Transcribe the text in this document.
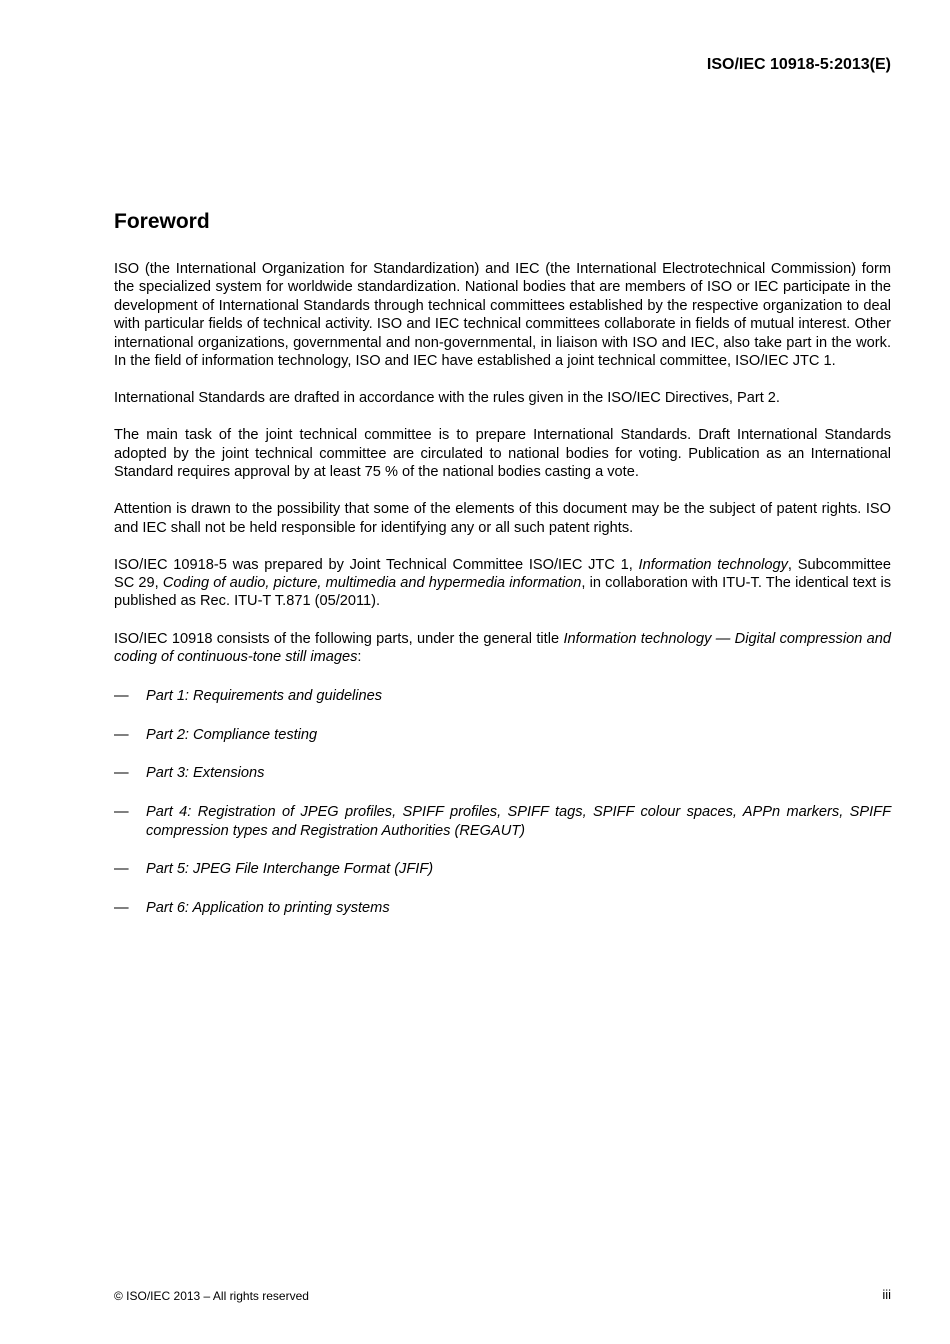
ISO/IEC 10918-5:2013(E)
Foreword

ISO (the International Organization for Standardization) and IEC (the International Electrotechnical Commission) form the specialized system for worldwide standardization. National bodies that are members of ISO or IEC participate in the development of International Standards through technical committees established by the respective organization to deal with particular fields of technical activity. ISO and IEC technical committees collaborate in fields of mutual interest. Other international organizations, governmental and non-governmental, in liaison with ISO and IEC, also take part in the work. In the field of information technology, ISO and IEC have established a joint technical committee, ISO/IEC JTC 1.

International Standards are drafted in accordance with the rules given in the ISO/IEC Directives, Part 2.

The main task of the joint technical committee is to prepare International Standards. Draft International Standards adopted by the joint technical committee are circulated to national bodies for voting. Publication as an International Standard requires approval by at least 75 % of the national bodies casting a vote.

Attention is drawn to the possibility that some of the elements of this document may be the subject of patent rights. ISO and IEC shall not be held responsible for identifying any or all such patent rights.

ISO/IEC 10918-5 was prepared by Joint Technical Committee ISO/IEC JTC 1, Information technology, Subcommittee SC 29, Coding of audio, picture, multimedia and hypermedia information, in collaboration with ITU-T. The identical text is published as Rec. ITU-T T.871 (05/2011).

ISO/IEC 10918 consists of the following parts, under the general title Information technology — Digital compression and coding of continuous-tone still images:

—	Part 1: Requirements and guidelines
—	Part 2: Compliance testing
—	Part 3: Extensions
—	Part 4: Registration of JPEG profiles, SPIFF profiles, SPIFF tags, SPIFF colour spaces, APPn markers, SPIFF compression types and Registration Authorities (REGAUT)
—	Part 5: JPEG File Interchange Format (JFIF)
—	Part 6: Application to printing systems
© ISO/IEC 2013 – All rights reserved	iii
